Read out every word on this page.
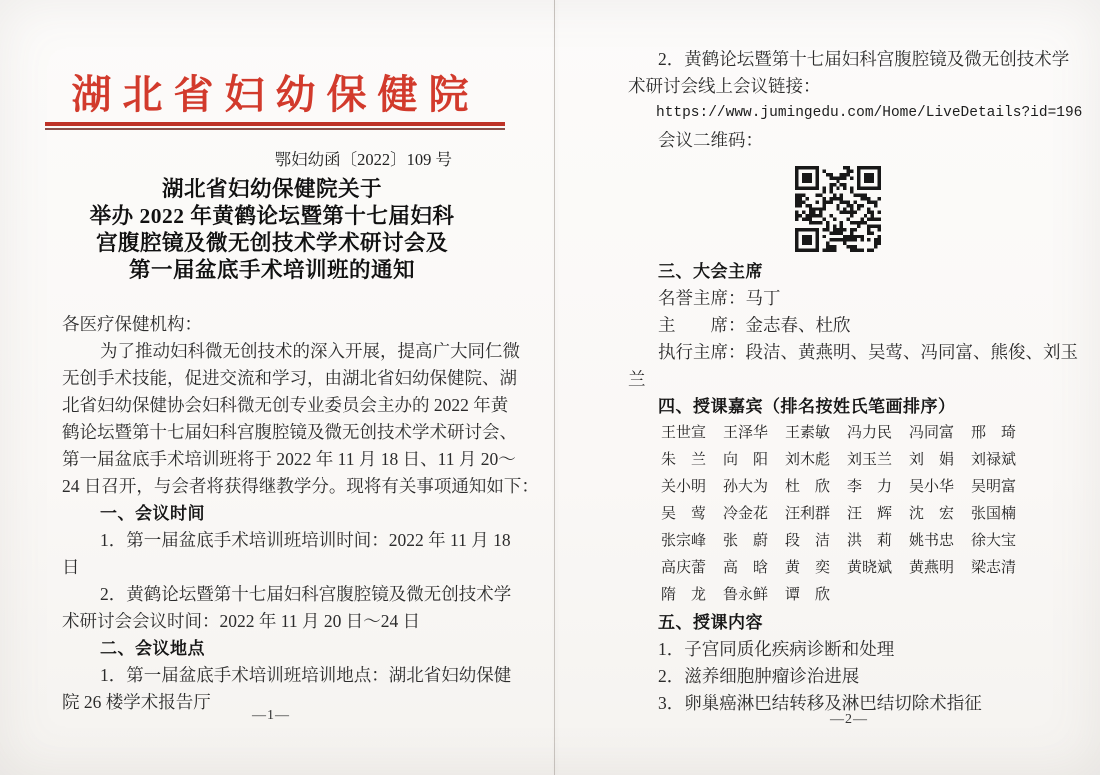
湖北省妇幼保健院
鄂妇幼函〔2022〕109 号
湖北省妇幼保健院关于
举办 2022 年黄鹤论坛暨第十七届妇科
宫腹腔镜及微无创技术学术研讨会及
第一届盆底手术培训班的通知
各医疗保健机构：
为了推动妇科微无创技术的深入开展，提高广大同仁微
无创手术技能，促进交流和学习，由湖北省妇幼保健院、湖
北省妇幼保健协会妇科微无创专业委员会主办的 2022 年黄
鹤论坛暨第十七届妇科宫腹腔镜及微无创技术学术研讨会、
第一届盆底手术培训班将于 2022 年 11 月 18 日、11 月 20～
24 日召开，与会者将获得继教学分。现将有关事项通知如下：
一、会议时间
1．第一届盆底手术培训班培训时间：2022 年 11 月 18
日
2．黄鹤论坛暨第十七届妇科宫腹腔镜及微无创技术学
术研讨会会议时间：2022 年 11 月 20 日～24 日
二、会议地点
1．第一届盆底手术培训班培训地点：湖北省妇幼保健
院 26 楼学术报告厅
—1—
2．黄鹤论坛暨第十七届妇科宫腹腔镜及微无创技术学
术研讨会线上会议链接：
https://www.jumingedu.com/Home/LiveDetails?id=196
会议二维码：
三、大会主席
名誉主席：马丁
主　　席：金志春、杜欣
执行主席：段洁、黄燕明、吴莺、冯同富、熊俊、刘玉
兰
四、授课嘉宾（排名按姓氏笔画排序）
王世宣	王泽华	王素敏	冯力民	冯同富	邢　琦
朱　兰	向　阳	刘木彪	刘玉兰	刘　娟	刘禄斌
关小明	孙大为	杜　欣	李　力	吴小华	吴明富
吴　莺	冷金花	汪利群	汪　辉	沈　宏	张国楠
张宗峰	张　蔚	段　洁	洪　莉	姚书忠	徐大宝
高庆蕾	高　晗	黄　奕	黄晓斌	黄燕明	梁志清
隋　龙	鲁永鲜	谭　欣
五、授课内容
1．子宫同质化疾病诊断和处理
2．滋养细胞肿瘤诊治进展
3．卵巢癌淋巴结转移及淋巴结切除术指征
—2—
